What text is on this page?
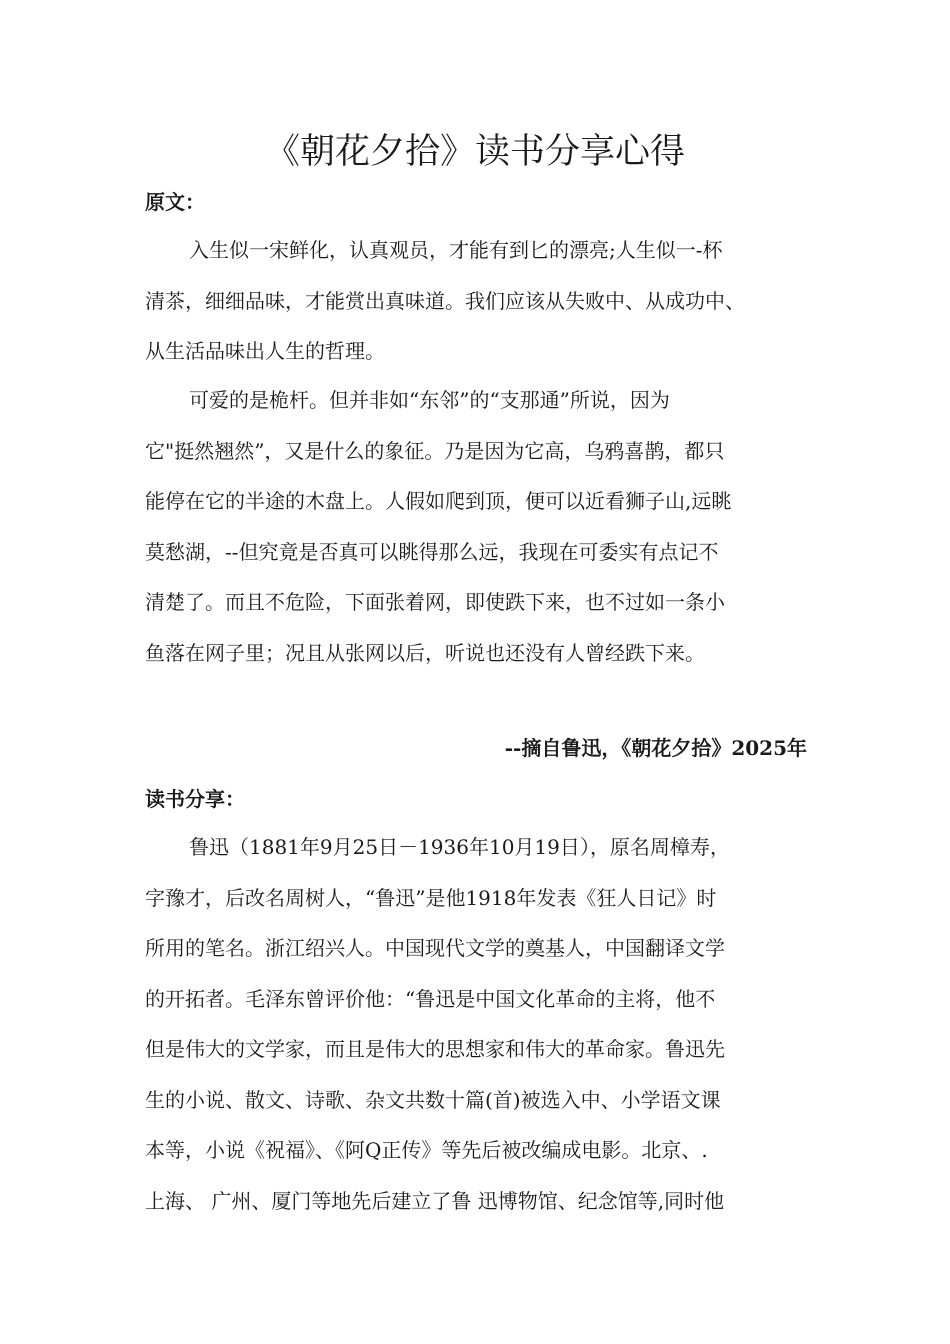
《朝花夕拾》读书分享心得

原文：

入生似一宋鲜化，认真观员，才能有到匕的漂亮;人生似一-杯
清茶，细细品味，才能赏出真味道。我们应该从失败中、从成功中、
从生活品味出人生的哲理。
可爱的是桅杆。但并非如“东邻”的“支那通”所说，因为
它"挺然翘然”，又是什么的象征。乃是因为它高，乌鸦喜鹊，都只
能停在它的半途的木盘上。人假如爬到顶，便可以近看狮子山,远眺
莫愁湖，--但究竟是否真可以眺得那么远，我现在可委实有点记不
清楚了。而且不危险，下面张着网，即使跌下来，也不过如一条小
鱼落在网子里；况且从张网以后，听说也还没有人曾经跌下来。

--摘自鲁迅，《朝花夕拾》2025年

读书分享：

鲁迅（1881年9月25日－1936年10月19日），原名周樟寿，
字豫才，后改名周树人，“鲁迅”是他1918年发表《狂人日记》时
所用的笔名。浙江绍兴人。中国现代文学的奠基人，中国翻译文学
的开拓者。毛泽东曾评价他：“鲁迅是中国文化革命的主将，他不
但是伟大的文学家，而且是伟大的思想家和伟大的革命家。鲁迅先
生的小说、散文、诗歌、杂文共数十篇(首)被选入中、小学语文课
本等，小说《祝福》、《阿Q正传》等先后被改编成电影。北京、.
上海、 广州、厦门等地先后建立了鲁 迅博物馆、纪念馆等,同时他
